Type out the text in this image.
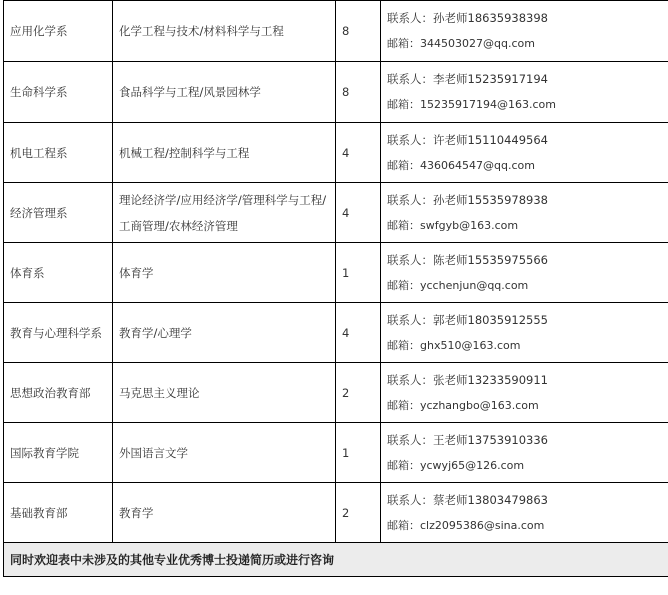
应用化学系	化学工程与技术/材料科学与工程	8	联系人：孙老师18635938398
邮箱：344503027@qq.com

生命科学系	食品科学与工程/风景园林学	8	联系人：李老师15235917194
邮箱：15235917194@163.com

机电工程系	机械工程/控制科学与工程	4	联系人：许老师15110449564
邮箱：436064547@qq.com

经济管理系	理论经济学/应用经济学/管理科学与工程/工商管理/农林经济管理	4	联系人：孙老师15535978938
邮箱：swfgyb@163.com

体育系	体育学	1	联系人：陈老师15535975566
邮箱：ycchenjun@qq.com

教育与心理科学系	教育学/心理学	4	联系人：郭老师18035912555
邮箱：ghx510@163.com

思想政治教育部	马克思主义理论	2	联系人：张老师13233590911
邮箱：yczhangbo@163.com

国际教育学院	外国语言文学	1	联系人：王老师13753910336
邮箱：ycwyj65@126.com

基础教育部	教育学	2	联系人：蔡老师13803479863
邮箱：clz2095386@sina.com

同时欢迎表中未涉及的其他专业优秀博士投递简历或进行咨询			
